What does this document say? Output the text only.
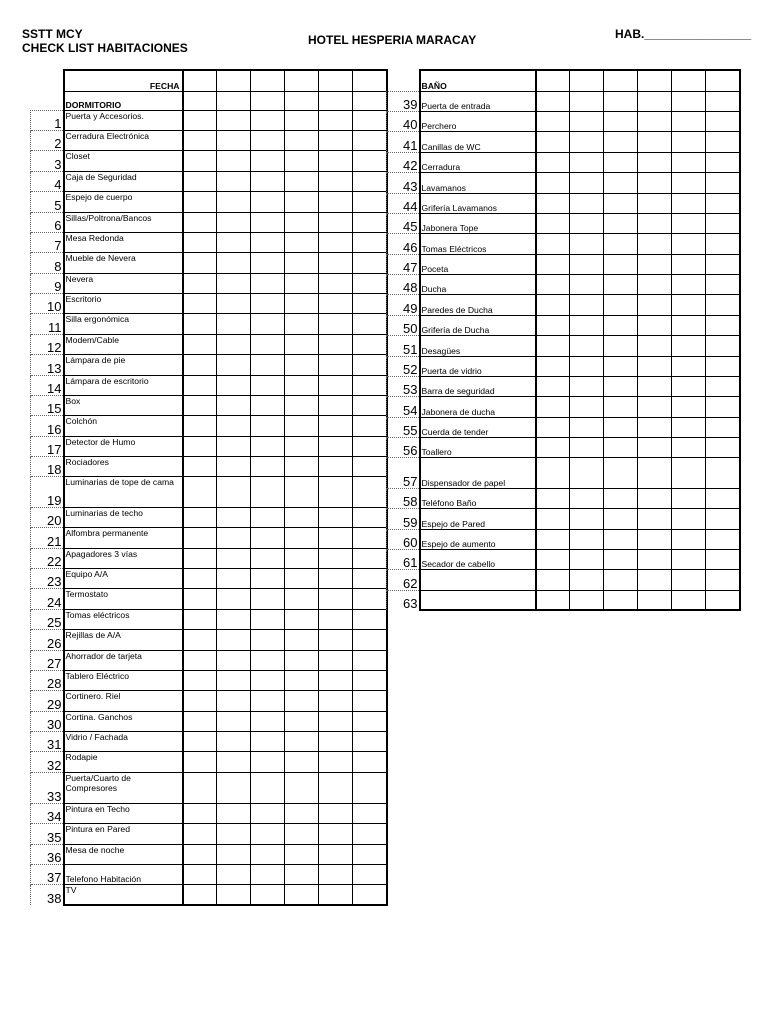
SSTT MCY
CHECK LIST HABITACIONES
HOTEL HESPERIA MARACAY	HAB.________________
	FECHA						
	DORMITORIO						
1	Puerta y Accesorios.						
2	Cerradura Electrónica						
3	Closet						
4	Caja de Seguridad						
5	Espejo de cuerpo						
6	Sillas/Poltrona/Bancos						
7	Mesa Redonda						
8	Mueble de Nevera						
9	Nevera						
10	Escritorio						
11	Silla ergonómica						
12	Modem/Cable						
13	Lámpara de pie						
14	Lámpara de escritorio						
15	Box						
16	Colchón						
17	Detector de Humo						
18	Rociadores						
19	Luminarias de tope de cama						
20	Luminarias de techo						
21	Alfombra permanente						
22	Apagadores 3 vías						
23	Equipo A/A						
24	Termostato						
25	Tomas eléctricos						
26	Rejillas de A/A						
27	Ahorrador de tarjeta						
28	Tablero Eléctrico						
29	Cortinero. Riel						
30	Cortina. Ganchos						
31	Vidrio / Fachada						
32	Rodapie						
33	Puerta/Cuarto de Compresores						
34	Pintura en Techo						
35	Pintura en Pared						
36	Mesa de noche						
37	Telefono Habitación						
38	TV						
	BAÑO						
39	Puerta de entrada						
40	Perchero						
41	Canillas de WC						
42	Cerradura						
43	Lavamanos						
44	Grifería Lavamanos						
45	Jabonera Tope						
46	Tomas Eléctricos						
47	Poceta						
48	Ducha						
49	Paredes de Ducha						
50	Grifería de Ducha						
51	Desagües						
52	Puerta de vidrio						
53	Barra de seguridad						
54	Jabonera de ducha						
55	Cuerda de tender						
56	Toallero						
57	Dispensador de papel						
58	Teléfono Baño						
59	Espejo de Pared						
60	Espejo de aumento						
61	Secador de cabello						
62							
63							
